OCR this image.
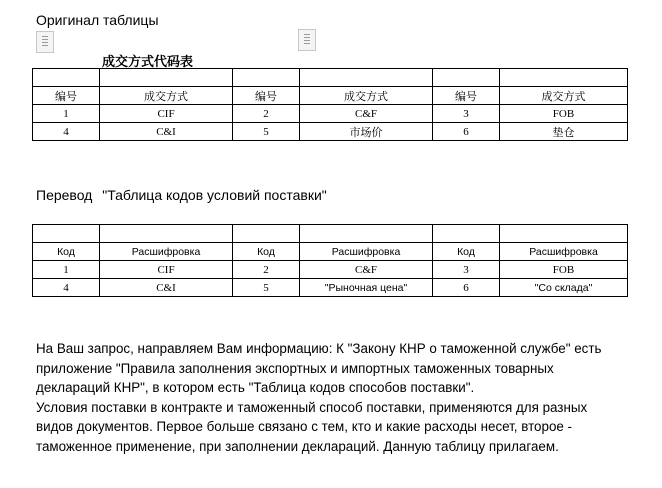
Оригинал таблицы
成交方式代码表

编号	成交方式	编号	成交方式	编号	成交方式
1	CIF	2	C&F	3	FOB
4	C&I	5	市场价	6	垫仓
Перевод "Таблица кодов условий поставки"

Код	Расшифровка	Код	Расшифровка	Код	Расшифровка
1	CIF	2	C&F	3	FOB
4	C&I	5	"Рыночная цена"	6	"Со склада"
На Ваш запрос, направляем Вам информацию: К "Закону КНР о таможенной службе" есть
приложение "Правила заполнения экспортных и импортных таможенных товарных
деклараций КНР", в котором есть "Таблица кодов способов поставки".
Условия поставки в контракте и таможенный способ поставки, применяются для разных
видов документов. Первое больше связано с тем, кто и какие расходы несет, второе -
таможенное применение, при заполнении деклараций. Данную таблицу прилагаем.
